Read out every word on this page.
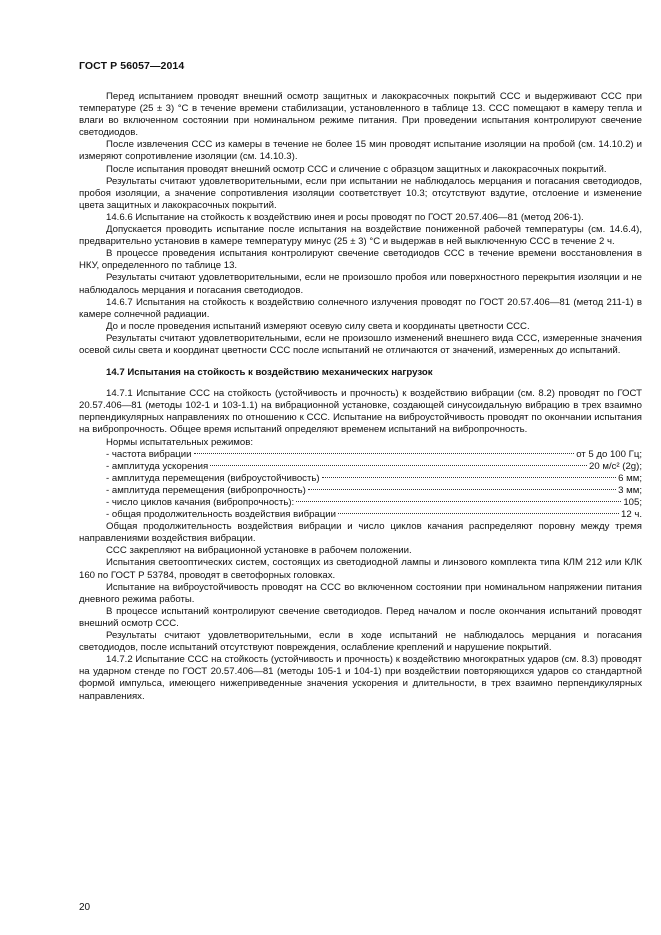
ГОСТ Р 56057—2014

Перед испытанием проводят внешний осмотр защитных и лакокрасочных покрытий ССС и выдерживают ССС при температуре (25 ± 3) °С в течение времени стабилизации, установленного в таблице 13. ССС помещают в камеру тепла и влаги во включенном состоянии при номинальном режиме питания. При проведении испытания контролируют свечение светодиодов.

После извлечения ССС из камеры в течение не более 15 мин проводят испытание изоляции на пробой (см. 14.10.2) и измеряют сопротивление изоляции (см. 14.10.3).

После испытания проводят внешний осмотр ССС и сличение с образцом защитных и лакокрасочных покрытий.

Результаты считают удовлетворительными, если при испытании не наблюдалось мерцания и погасания светодиодов, пробоя изоляции, а значение сопротивления изоляции соответствует 10.3; отсутствуют вздутие, отслоение и изменение цвета защитных и лакокрасочных покрытий.

14.6.6 Испытание на стойкость к воздействию инея и росы проводят по ГОСТ 20.57.406—81 (метод 206-1).

Допускается проводить испытание после испытания на воздействие пониженной рабочей температуры (см. 14.6.4), предварительно установив в камере температуру минус (25 ± 3) °С и выдержав в ней выключенную ССС в течение 2 ч.

В процессе проведения испытания контролируют свечение светодиодов ССС в течение времени восстановления в НКУ, определенного по таблице 13.

Результаты считают удовлетворительными, если не произошло пробоя или поверхностного перекрытия изоляции и не наблюдалось мерцания и погасания светодиодов.

14.6.7 Испытания на стойкость к воздействию солнечного излучения проводят по ГОСТ 20.57.406—81 (метод 211-1) в камере солнечной радиации.

До и после проведения испытаний измеряют осевую силу света и координаты цветности ССС.

Результаты считают удовлетворительными, если не произошло изменений внешнего вида ССС, измеренные значения осевой силы света и координат цветности ССС после испытаний не отличаются от значений, измеренных до испытаний.

14.7 Испытания на стойкость к воздействию механических нагрузок

14.7.1 Испытание ССС на стойкость (устойчивость и прочность) к воздействию вибрации (см. 8.2) проводят по ГОСТ 20.57.406—81 (методы 102-1 и 103-1.1) на вибрационной установке, создающей синусоидальную вибрацию в трех взаимно перпендикулярных направлениях по отношению к ССС. Испытание на виброустойчивость проводят по окончании испытания на вибропрочность. Общее время испытаний определяют временем испытаний на вибропрочность.

Нормы испытательных режимов:

- частота вибрации	от 5 до 100 Гц;
- амплитуда ускорения	20 м/с² (2g);
- амплитуда перемещения (виброустойчивость)	6 мм;
- амплитуда перемещения (вибропрочность)	3 мм;
- число циклов качания (вибропрочность):	105;
- общая продолжительность воздействия вибрации	12 ч.

Общая продолжительность воздействия вибрации и число циклов качания распределяют поровну между тремя направлениями воздействия вибрации.

ССС закрепляют на вибрационной установке в рабочем положении.

Испытания светооптических систем, состоящих из светодиодной лампы и линзового комплекта типа КЛМ 212 или КЛК 160 по ГОСТ Р 53784, проводят в светофорных головках.

Испытание на виброустойчивость проводят на ССС во включенном состоянии при номинальном напряжении питания дневного режима работы.

В процессе испытаний контролируют свечение светодиодов. Перед началом и после окончания испытаний проводят внешний осмотр ССС.

Результаты считают удовлетворительными, если в ходе испытаний не наблюдалось мерцания и погасания светодиодов, после испытаний отсутствуют повреждения, ослабление креплений и нарушение покрытий.

14.7.2 Испытание ССС на стойкость (устойчивость и прочность) к воздействию многократных ударов (см. 8.3) проводят на ударном стенде по ГОСТ 20.57.406—81 (методы 105-1 и 104-1) при воздействии повторяющихся ударов со стандартной формой импульса, имеющего нижеприведенные значения ускорения и длительности, в трех взаимно перпендикулярных направлениях.

20
